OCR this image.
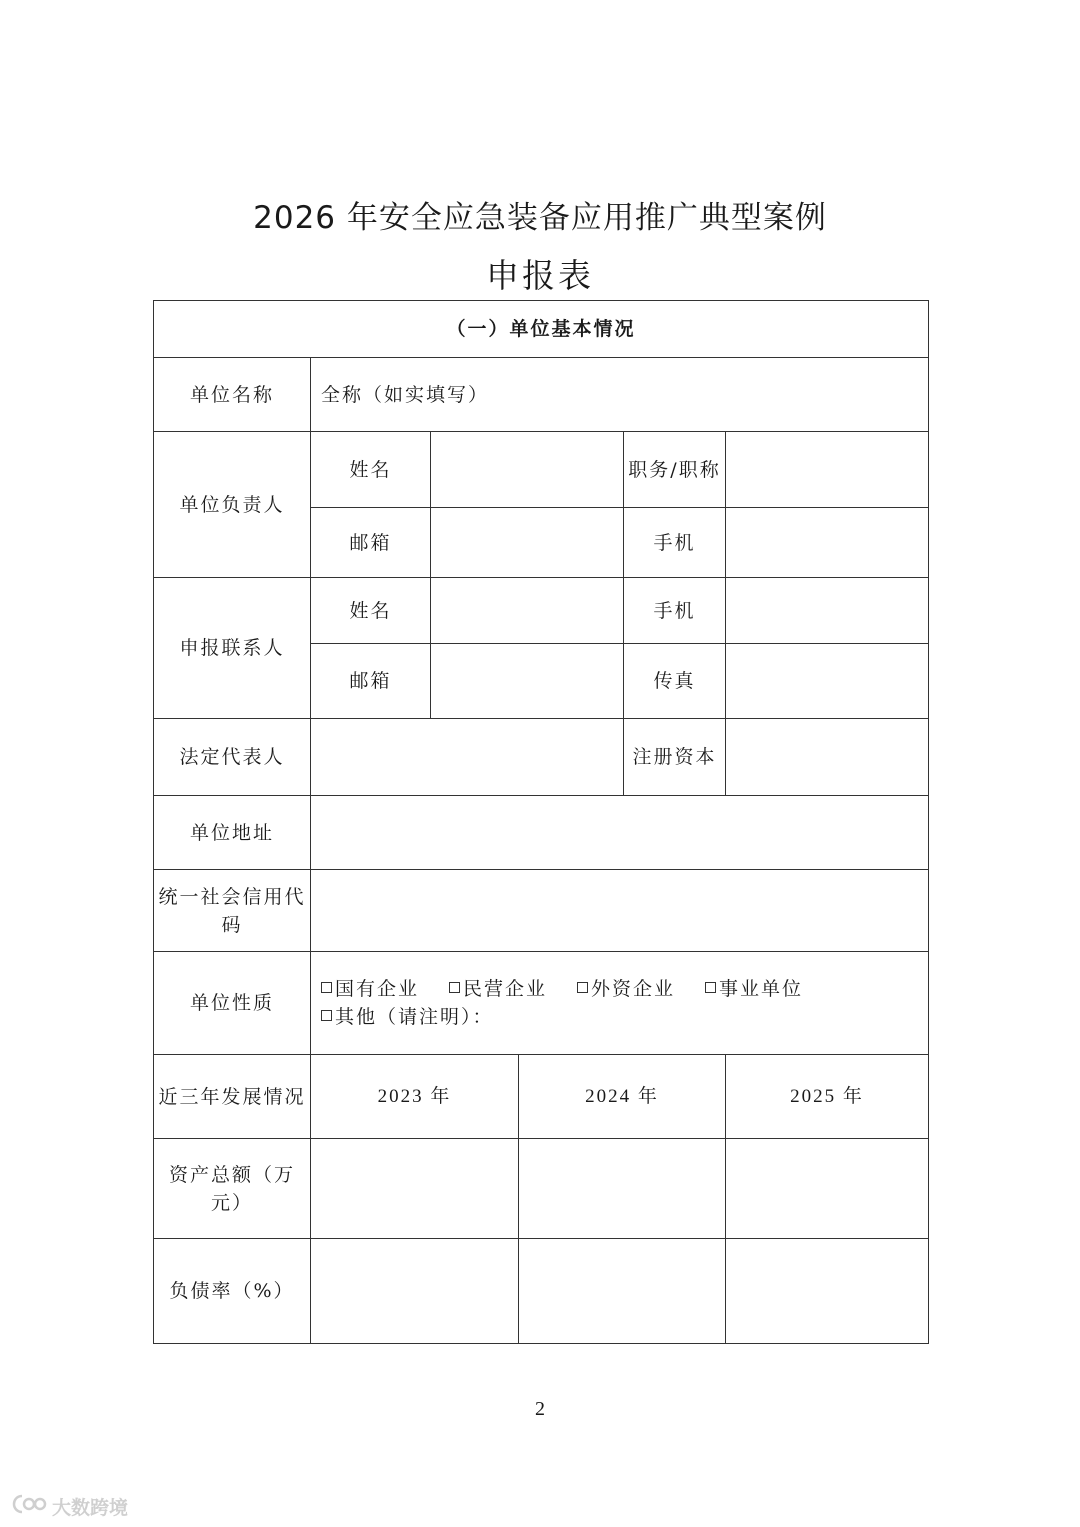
2026 年安全应急装备应用推广典型案例
申报表
（一）单位基本情况					
单位名称	全称（如实填写）				
单位负责人	姓名			职务/职称	
	邮箱			手机	
申报联系人	姓名			手机	
	邮箱			传真	
法定代表人				注册资本	
单位地址					
统一社会信用代码					
单位性质	国有企业 民营企业 外资企业 事业单位
其他（请注明）：				
近三年发展情况	2023 年		2024 年		2025 年
资产总额（万元）					
负债率（%）					
2
大数跨境
